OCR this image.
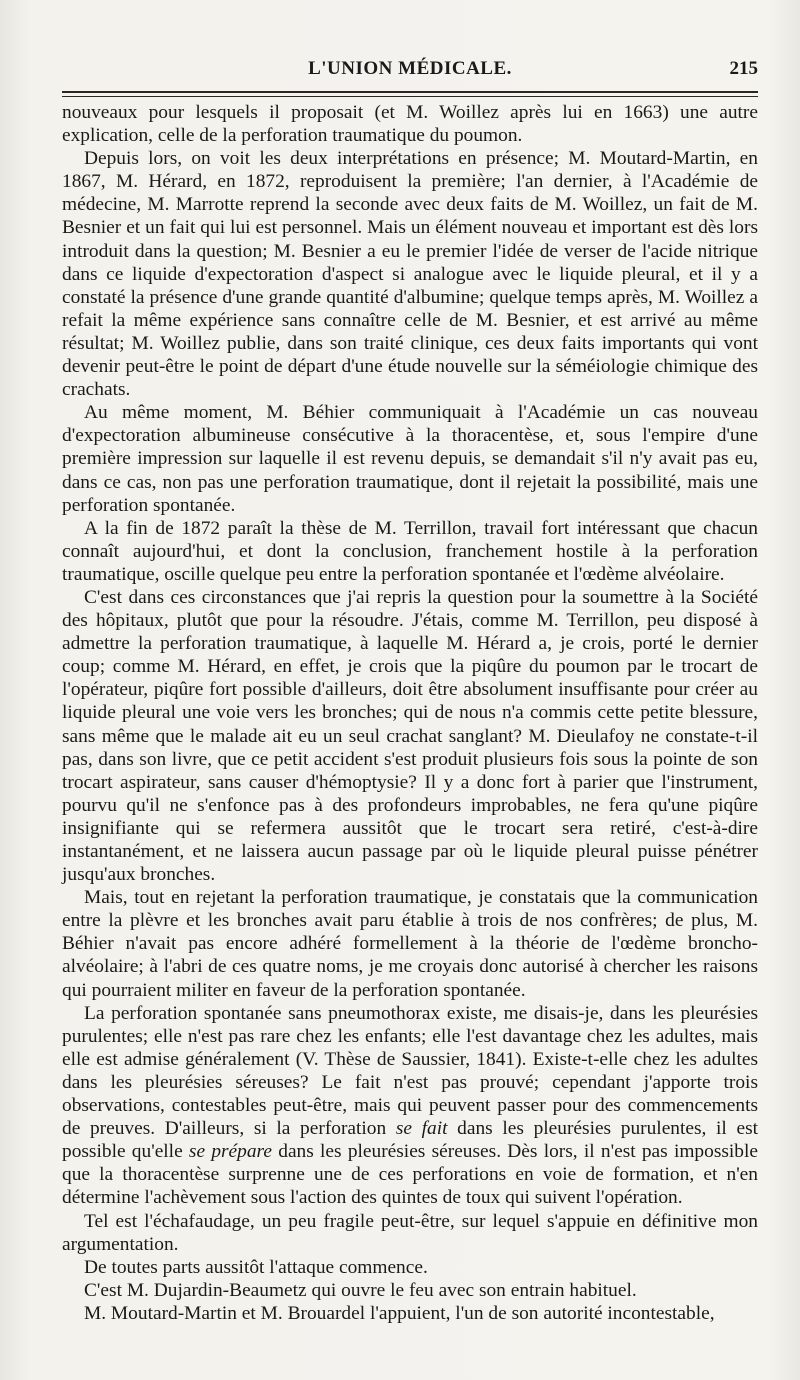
L'UNION MÉDICALE.	215

nouveaux pour lesquels il proposait (et M. Woillez après lui en 1663) une autre explication, celle de la perforation traumatique du poumon.

Depuis lors, on voit les deux interprétations en présence; M. Moutard-Martin, en 1867, M. Hérard, en 1872, reproduisent la première; l'an dernier, à l'Académie de médecine, M. Marrotte reprend la seconde avec deux faits de M. Woillez, un fait de M. Besnier et un fait qui lui est personnel. Mais un élément nouveau et important est dès lors introduit dans la question; M. Besnier a eu le premier l'idée de verser de l'acide nitrique dans ce liquide d'expectoration d'aspect si analogue avec le liquide pleural, et il y a constaté la présence d'une grande quantité d'albumine; quelque temps après, M. Woillez a refait la même expérience sans connaître celle de M. Besnier, et est arrivé au même résultat; M. Woillez publie, dans son traité clinique, ces deux faits importants qui vont devenir peut-être le point de départ d'une étude nouvelle sur la séméiologie chimique des crachats.

Au même moment, M. Béhier communiquait à l'Académie un cas nouveau d'expectoration albumineuse consécutive à la thoracentèse, et, sous l'empire d'une première impression sur laquelle il est revenu depuis, se demandait s'il n'y avait pas eu, dans ce cas, non pas une perforation traumatique, dont il rejetait la possibilité, mais une perforation spontanée.

A la fin de 1872 paraît la thèse de M. Terrillon, travail fort intéressant que chacun connaît aujourd'hui, et dont la conclusion, franchement hostile à la perforation traumatique, oscille quelque peu entre la perforation spontanée et l'œdème alvéolaire.

C'est dans ces circonstances que j'ai repris la question pour la soumettre à la Société des hôpitaux, plutôt que pour la résoudre. J'étais, comme M. Terrillon, peu disposé à admettre la perforation traumatique, à laquelle M. Hérard a, je crois, porté le dernier coup; comme M. Hérard, en effet, je crois que la piqûre du poumon par le trocart de l'opérateur, piqûre fort possible d'ailleurs, doit être absolument insuffisante pour créer au liquide pleural une voie vers les bronches; qui de nous n'a commis cette petite blessure, sans même que le malade ait eu un seul crachat sanglant? M. Dieulafoy ne constate-t-il pas, dans son livre, que ce petit accident s'est produit plusieurs fois sous la pointe de son trocart aspirateur, sans causer d'hémoptysie? Il y a donc fort à parier que l'instrument, pourvu qu'il ne s'enfonce pas à des profondeurs improbables, ne fera qu'une piqûre insignifiante qui se refermera aussitôt que le trocart sera retiré, c'est-à-dire instantanément, et ne laissera aucun passage par où le liquide pleural puisse pénétrer jusqu'aux bronches.

Mais, tout en rejetant la perforation traumatique, je constatais que la communication entre la plèvre et les bronches avait paru établie à trois de nos confrères; de plus, M. Béhier n'avait pas encore adhéré formellement à la théorie de l'œdème broncho-alvéolaire; à l'abri de ces quatre noms, je me croyais donc autorisé à chercher les raisons qui pourraient militer en faveur de la perforation spontanée.

La perforation spontanée sans pneumothorax existe, me disais-je, dans les pleurésies purulentes; elle n'est pas rare chez les enfants; elle l'est davantage chez les adultes, mais elle est admise généralement (V. Thèse de Saussier, 1841). Existe-t-elle chez les adultes dans les pleurésies séreuses? Le fait n'est pas prouvé; cependant j'apporte trois observations, contestables peut-être, mais qui peuvent passer pour des commencements de preuves. D'ailleurs, si la perforation se fait dans les pleurésies purulentes, il est possible qu'elle se prépare dans les pleurésies séreuses. Dès lors, il n'est pas impossible que la thoracentèse surprenne une de ces perforations en voie de formation, et n'en détermine l'achèvement sous l'action des quintes de toux qui suivent l'opération.

Tel est l'échafaudage, un peu fragile peut-être, sur lequel s'appuie en définitive mon argumentation.

De toutes parts aussitôt l'attaque commence.

C'est M. Dujardin-Beaumetz qui ouvre le feu avec son entrain habituel.

M. Moutard-Martin et M. Brouardel l'appuient, l'un de son autorité incontestable,
